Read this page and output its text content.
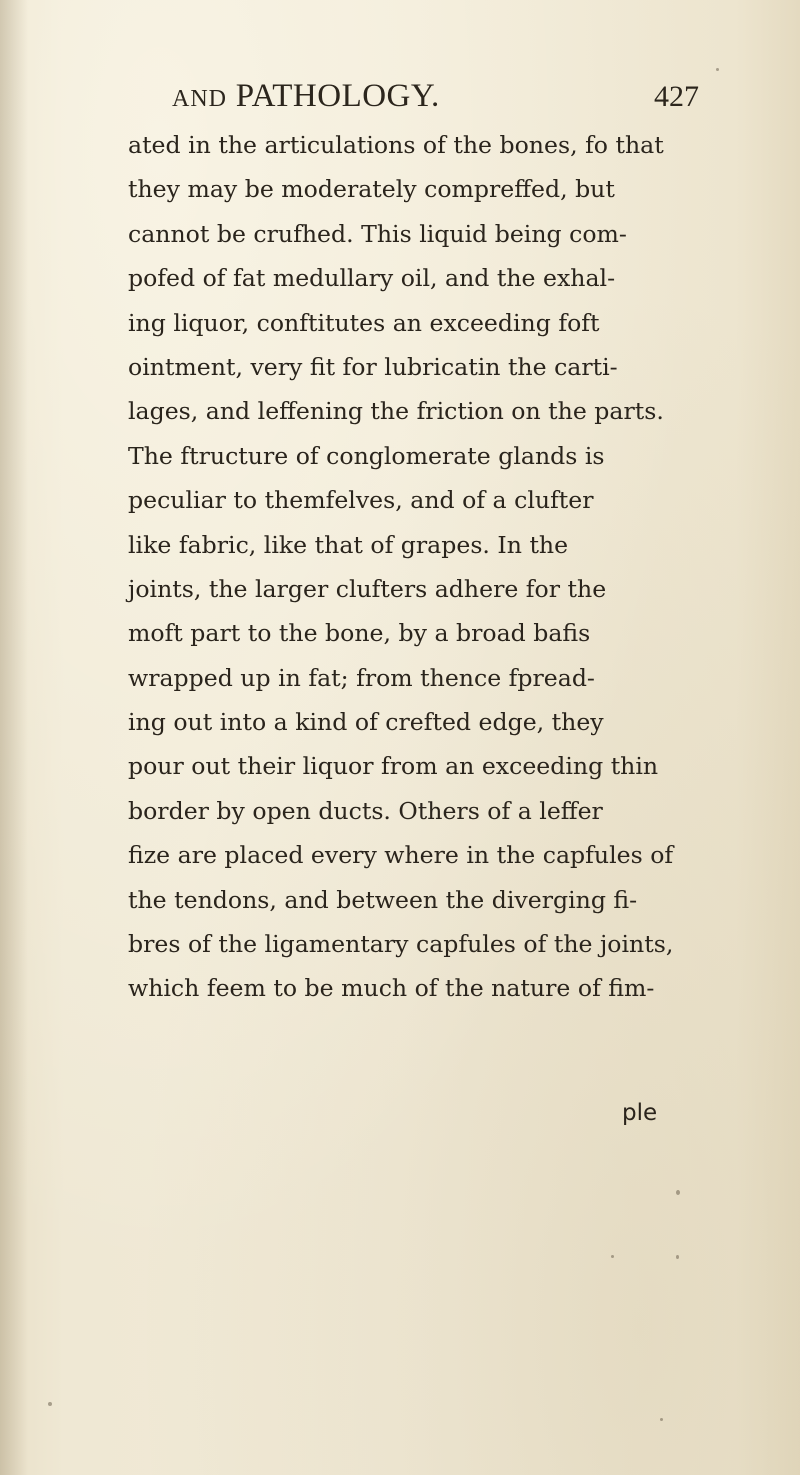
AND PATHOLOGY.	427
ated in the articulations of the bones, fo that
they may be moderately compreffed, but
cannot be crufhed. This liquid being com-
pofed of fat medullary oil, and the exhal-
ing liquor, conftitutes an exceeding foft
ointment, very fit for lubricatin the carti-
lages, and leffening the friction on the parts.
The ftructure of conglomerate glands is
peculiar to themfelves, and of a clufter
like fabric, like that of grapes. In the
joints, the larger clufters adhere for the
moft part to the bone, by a broad bafis
wrapped up in fat; from thence fpread-
ing out into a kind of crefted edge, they
pour out their liquor from an exceeding thin
border by open ducts. Others of a leffer
fize are placed every where in the capfules of
the tendons, and between the diverging fi-
bres of the ligamentary capfules of the joints,
which feem to be much of the nature of fim-
ple
